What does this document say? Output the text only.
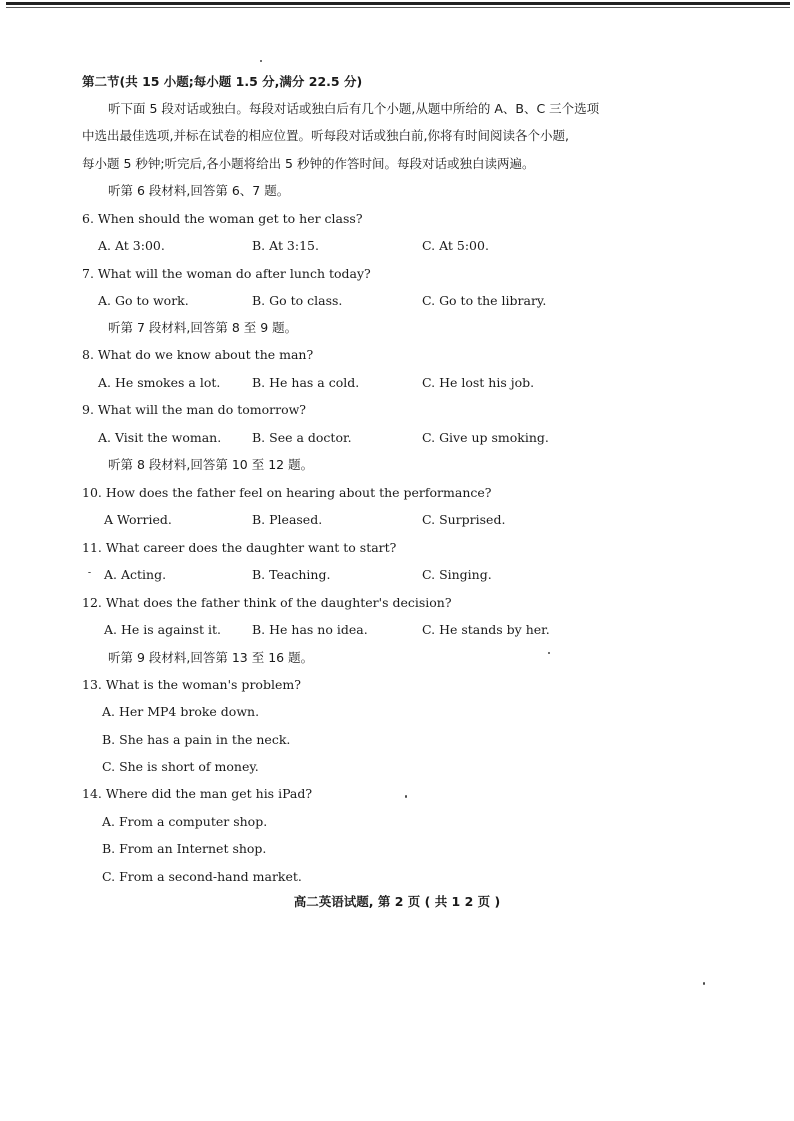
第二节(共 15 小题;每小题 1.5 分,满分 22.5 分)
听下面 5 段对话或独白。每段对话或独白后有几个小题,从题中所给的 A、B、C 三个选项
中选出最佳选项,并标在试卷的相应位置。听每段对话或独白前,你将有时间阅读各个小题,
每小题 5 秒钟;听完后,各小题将给出 5 秒钟的作答时间。每段对话或独白读两遍。
听第 6 段材料,回答第 6、7 题。
6. When should the woman get to her class?
A. At 3:00.	B. At 3:15.	C. At 5:00.
7. What will the woman do after lunch today?
A. Go to work.	B. Go to class.	C. Go to the library.
听第 7 段材料,回答第 8 至 9 题。
8. What do we know about the man?
A. He smokes a lot.	B. He has a cold.	C. He lost his job.
9. What will the man do tomorrow?
A. Visit the woman. B. See a doctor.	C. Give up smoking.
听第 8 段材料,回答第 10 至 12 题。
10. How does the father feel on hearing about the performance?
A Worried.	B. Pleased.	C. Surprised.
11. What career does the daughter want to start?
A. Acting.	B. Teaching.	C. Singing.
12. What does the father think of the daughter's decision?
A. He is against it. B. He has no idea.	C. He stands by her.
听第 9 段材料,回答第 13 至 16 题。
13. What is the woman's problem?
A. Her MP4 broke down.
B. She has a pain in the neck.
C. She is short of money.
14. Where did the man get his iPad?
A. From a computer shop.
B. From an Internet shop.
C. From a second-hand market.
高二英语试题, 第 2 页 ( 共 1 2 页 )
